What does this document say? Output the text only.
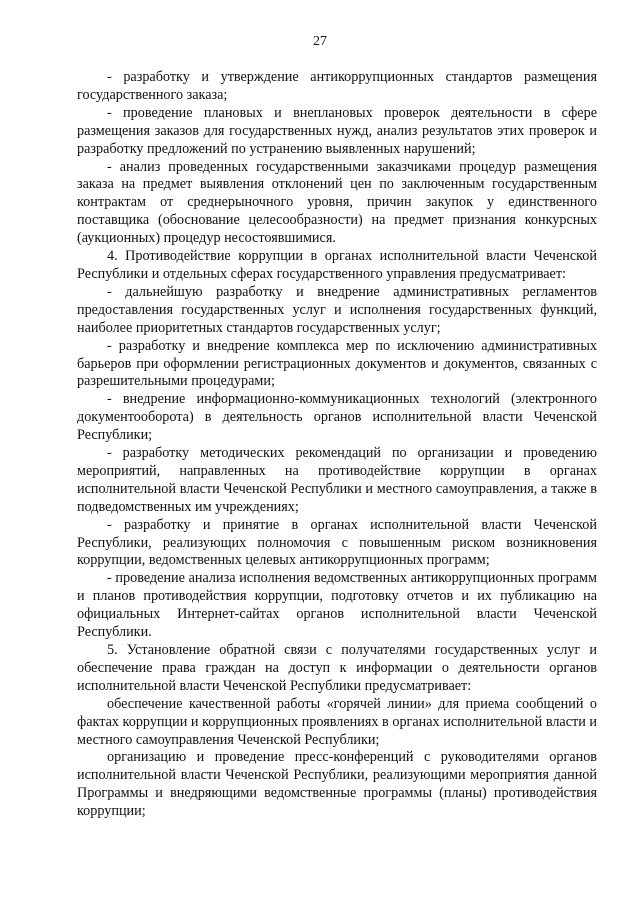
27

- разработку и утверждение антикоррупционных стандартов размещения государственного заказа;

- проведение плановых и внеплановых проверок деятельности в сфере размещения заказов для государственных нужд, анализ результатов этих проверок и разработку предложений по устранению выявленных нарушений;

- анализ проведенных государственными заказчиками процедур размещения заказа на предмет выявления отклонений цен по заключенным государственным контрактам от среднерыночного уровня, причин закупок у единственного поставщика (обоснование целесообразности) на предмет признания конкурсных (аукционных) процедур несостоявшимися.

4. Противодействие коррупции в органах исполнительной власти Чеченской Республики и отдельных сферах государственного управления предусматривает:

- дальнейшую разработку и внедрение административных регламентов предоставления государственных услуг и исполнения государственных функций, наиболее приоритетных стандартов государственных услуг;

- разработку и внедрение комплекса мер по исключению административных барьеров при оформлении регистрационных документов и документов, связанных с разрешительными процедурами;

- внедрение информационно-коммуникационных технологий (электронного документооборота) в деятельность органов исполнительной власти Чеченской Республики;

- разработку методических рекомендаций по организации и проведению мероприятий, направленных на противодействие коррупции в органах исполнительной власти Чеченской Республики и местного самоуправления, а также в подведомственных им учреждениях;

- разработку и принятие в органах исполнительной власти Чеченской Республики, реализующих полномочия с повышенным риском возникновения коррупции, ведомственных целевых антикоррупционных программ;

- проведение анализа исполнения ведомственных антикоррупционных программ и планов противодействия коррупции, подготовку отчетов и их публикацию на официальных Интернет-сайтах органов исполнительной власти Чеченской Республики.

5. Установление обратной связи с получателями государственных услуг и обеспечение права граждан на доступ к информации о деятельности органов исполнительной власти Чеченской Республики предусматривает:

обеспечение качественной работы «горячей линии» для приема сообщений о фактах коррупции и коррупционных проявлениях в органах исполнительной власти и местного самоуправления Чеченской Республики;

организацию и проведение пресс-конференций с руководителями органов исполнительной власти Чеченской Республики, реализующими мероприятия данной Программы и внедряющими ведомственные программы (планы) противодействия коррупции;
